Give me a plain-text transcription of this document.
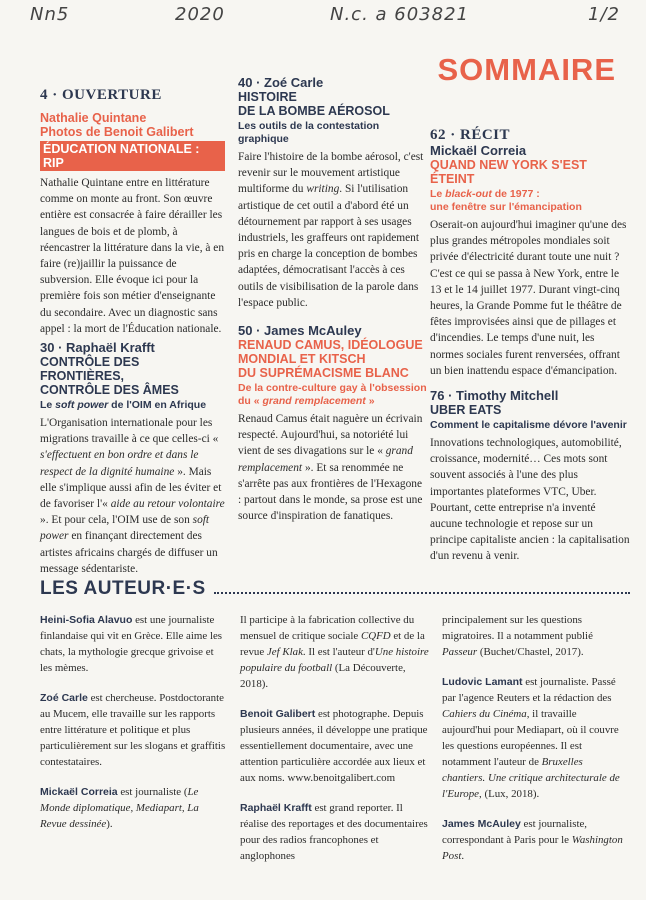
Nn5	2020	N.c. a 603821	1/2
SOMMAIRE
4 · OUVERTURE
Nathalie Quintane
Photos de Benoit Galibert
ÉDUCATION NATIONALE : RIP
Nathalie Quintane entre en littérature comme on monte au front. Son œuvre entière est consacrée à faire dérailler les langues de bois et de plomb, à réencastrer la littérature dans la vie, à en faire (re)jaillir la puissance de subversion. Elle évoque ici pour la première fois son métier d'enseignante du secondaire. Avec un diagnostic sans appel : la mort de l'Éducation nationale.
30 · Raphaël Krafft
CONTRÔLE DES FRONTIÈRES,
CONTRÔLE DES ÂMES
Le soft power de l'OIM en Afrique
L'Organisation internationale pour les migrations travaille à ce que celles-ci « s'effectuent en bon ordre et dans le respect de la dignité humaine ». Mais elle s'implique aussi afin de les éviter et de favoriser l'« aide au retour volontaire ». Et pour cela, l'OIM use de son soft power en finançant directement des artistes africains chargés de diffuser un message sédentariste.
40 · Zoé Carle
HISTOIRE
DE LA BOMBE AÉROSOL
Les outils de la contestation graphique
Faire l'histoire de la bombe aérosol, c'est revenir sur le mouvement artistique multiforme du writing. Si l'utilisation artistique de cet outil a d'abord été un détournement par rapport à ses usages industriels, les graffeurs ont rapidement pris en charge la conception de bombes adaptées, démocratisant l'accès à ces outils de visibilisation de la parole dans l'espace public.
50 · James McAuley
RENAUD CAMUS, IDÉOLOGUE
MONDIAL ET KITSCH
DU SUPRÉMACISME BLANC
De la contre-culture gay à l'obsession
du « grand remplacement »
Renaud Camus était naguère un écrivain respecté. Aujourd'hui, sa notoriété lui vient de ses divagations sur le « grand remplacement ». Et sa renommée ne s'arrête pas aux frontières de l'Hexagone : partout dans le monde, sa prose est une source d'inspiration de fanatiques.
62 · RÉCIT
Mickaël Correia
QUAND NEW YORK S'EST ÉTEINT
Le black-out de 1977 :
une fenêtre sur l'émancipation
Oserait-on aujourd'hui imaginer qu'une des plus grandes métropoles mondiales soit privée d'électricité durant toute une nuit ? C'est ce qui se passa à New York, entre le 13 et le 14 juillet 1977. Durant vingt-cinq heures, la Grande Pomme fut le théâtre de fêtes improvisées ainsi que de pillages et d'incendies. Le temps d'une nuit, les normes sociales furent renversées, offrant un bien inattendu espace d'émancipation.
76 · Timothy Mitchell
UBER EATS
Comment le capitalisme dévore l'avenir
Innovations technologiques, automobilité, croissance, modernité… Ces mots sont souvent associés à l'une des plus importantes plateformes VTC, Uber. Pourtant, cette entreprise n'a inventé aucune technologie et repose sur un principe capitaliste ancien : la capitalisation d'un revenu à venir.
LES AUTEUR·E·S

Heini-Sofia Alavuo est une journaliste finlandaise qui vit en Grèce. Elle aime les chats, la mythologie grecque grivoise et les mèmes.

Zoé Carle est chercheuse. Postdoctorante au Mucem, elle travaille sur les rapports entre littérature et politique et plus particulièrement sur les slogans et graffitis contestataires.

Mickaël Correia est journaliste (Le Monde diplomatique, Mediapart, La Revue dessinée).

Il participe à la fabrication collective du mensuel de critique sociale CQFD et de la revue Jef Klak. Il est l'auteur d'Une histoire populaire du football (La Découverte, 2018).

Benoit Galibert est photographe. Depuis plusieurs années, il développe une pratique essentiellement documentaire, avec une attention particulière accordée aux lieux et aux noms. www.benoitgalibert.com

Raphaël Krafft est grand reporter. Il réalise des reportages et des documentaires pour des radios francophones et anglophones

principalement sur les questions migratoires. Il a notamment publié Passeur (Buchet/Chastel, 2017).

Ludovic Lamant est journaliste. Passé par l'agence Reuters et la rédaction des Cahiers du Cinéma, il travaille aujourd'hui pour Mediapart, où il couvre les questions européennes. Il est notamment l'auteur de Bruxelles chantiers. Une critique architecturale de l'Europe, (Lux, 2018).

James McAuley est journaliste, correspondant à Paris pour le Washington Post.
